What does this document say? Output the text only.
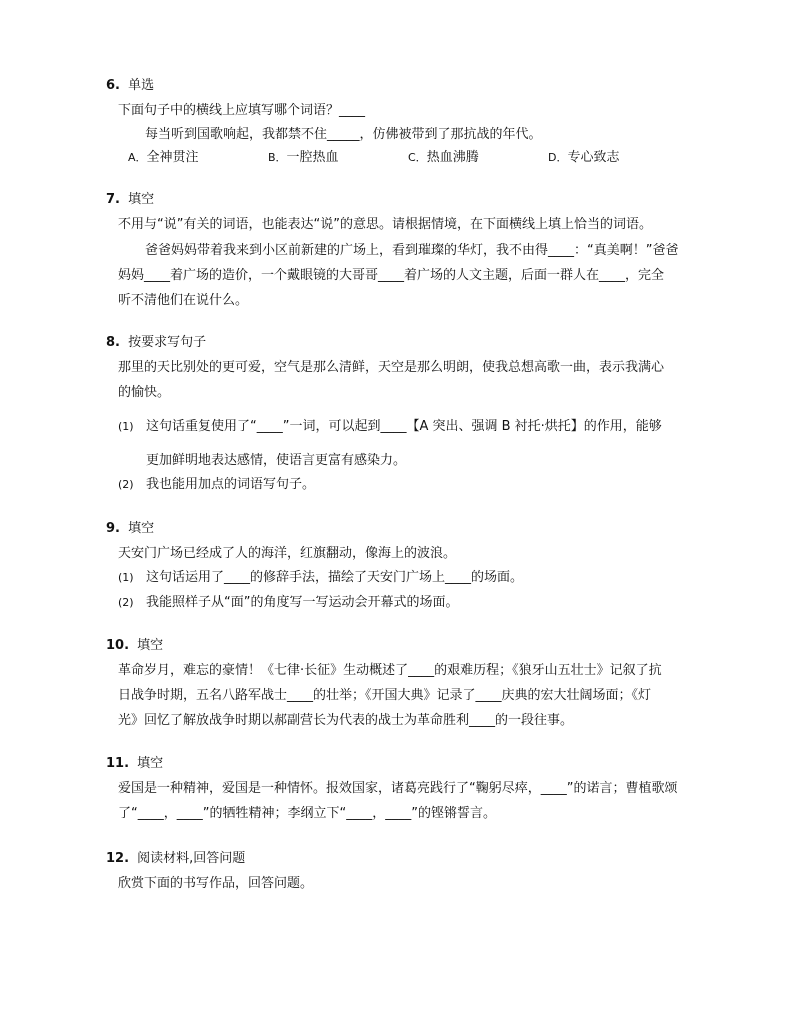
6. 单选
下面句子中的横线上应填写哪个词语？____
每当听到国歌响起，我都禁不住_____，仿佛被带到了那抗战的年代。
A．全神贯注	B．一腔热血	C．热血沸腾	D．专心致志
7. 填空
不用与“说”有关的词语，也能表达“说”的意思。请根据情境，在下面横线上填上恰当的词语。
爸爸妈妈带着我来到小区前新建的广场上，看到璀璨的华灯，我不由得____：“真美啊！”爸爸
妈妈____着广场的造价，一个戴眼镜的大哥哥____着广场的人文主题，后面一群人在____，完全
听不清他们在说什么。
8. 按要求写句子
那里的天比别处的更可爱，空气是那么清鲜，天空是那么明朗，使我总想高歌一曲，表示我满心
的愉快。
(1) 这句话重复使用了“____”一词，可以起到____【A 突出、强调 B 衬托·烘托】的作用，能够
更加鲜明地表达感情，使语言更富有感染力。
(2) 我也能用加点的词语写句子。
9. 填空
天安门广场已经成了人的海洋，红旗翻动，像海上的波浪。
(1) 这句话运用了____的修辞手法，描绘了天安门广场上____的场面。
(2) 我能照样子从“面”的角度写一写运动会开幕式的场面。
10. 填空
革命岁月，难忘的豪情！《七律·长征》生动概述了____的艰难历程；《狼牙山五壮士》记叙了抗
日战争时期，五名八路军战士____的壮举；《开国大典》记录了____庆典的宏大壮阔场面；《灯
光》回忆了解放战争时期以郝副营长为代表的战士为革命胜利____的一段往事。
11. 填空
爱国是一种精神，爱国是一种情怀。报效国家，诸葛亮践行了“鞠躬尽瘁，____”的诺言；曹植歌颂
了“____，____”的牺牲精神；李纲立下“____，____”的铿锵誓言。
12. 阅读材料,回答问题
欣赏下面的书写作品，回答问题。
